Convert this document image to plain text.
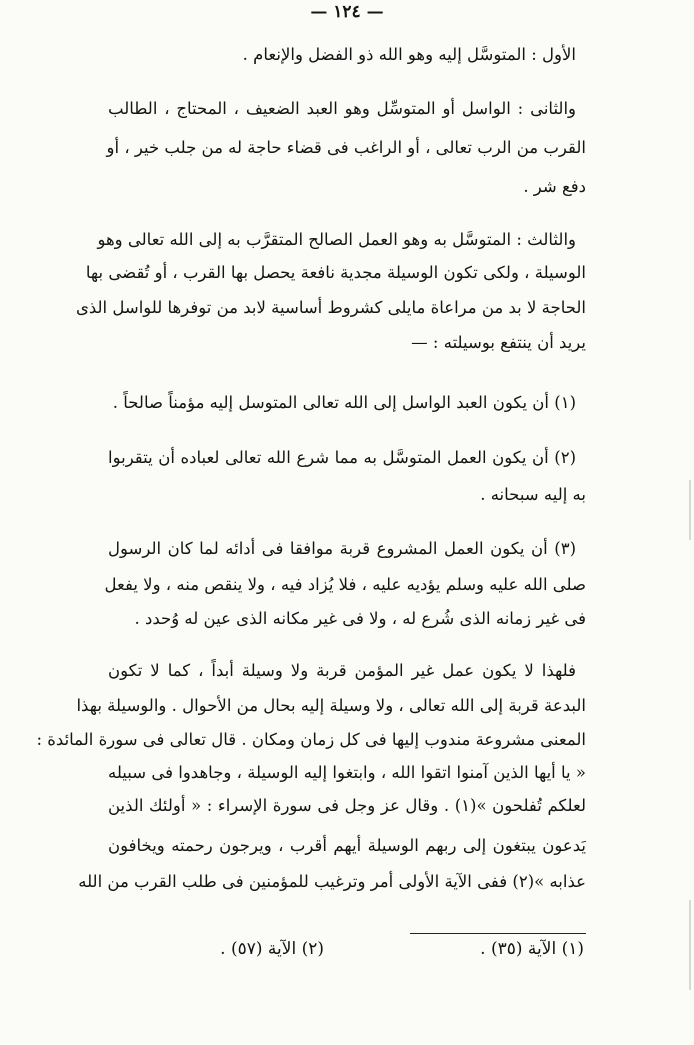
— ١٢٤ —
الأول : المتوسَّل إليه وهو الله ذو الفضل والإنعام .
والثانى : الواسل أو المتوسِّل وهو العبد الضعيف ، المحتاج ، الطالب
القرب من الرب تعالى ، أو الراغب فى قضاء حاجة له من جلب خير ، أو
دفع شر .
والثالث : المتوسَّل به وهو العمل الصالح المتقرَّب به إلى الله تعالى وهو
الوسيلة ، ولكى تكون الوسيلة مجدية نافعة يحصل بها القرب ، أو تُقضى بها
الحاجة لا بد من مراعاة مايلى كشروط أساسية لابد من توفرها للواسل الذى
يريد أن ينتفع بوسيلته : —
(١) أن يكون العبد الواسل إلى الله تعالى المتوسل إليه مؤمناً صالحاً .
(٢) أن يكون العمل المتوسَّل به مما شرع الله تعالى لعباده أن يتقربوا
به إليه سبحانه .
(٣) أن يكون العمل المشروع قربة موافقا فى أدائه لما كان الرسول
صلى الله عليه وسلم يؤديه عليه ، فلا يُزاد فيه ، ولا ينقص منه ، ولا يفعل
فى غير زمانه الذى شُرع له ، ولا فى غير مكانه الذى عين له وُحدد .
فلهذا لا يكون عمل غير المؤمن قربة ولا وسيلة أبداً ، كما لا تكون
البدعة قربة إلى الله تعالى ، ولا وسيلة إليه بحال من الأحوال . والوسيلة بهذا
المعنى مشروعة مندوب إليها فى كل زمان ومكان . قال تعالى فى سورة المائدة :
« يا أيها الذين آمنوا اتقوا الله ، وابتغوا إليه الوسيلة ، وجاهدوا فى سبيله
لعلكم تُفلحون »(١) . وقال عز وجل فى سورة الإسراء : « أولئك الذين
يَدعون يبتغون إلى ربهم الوسيلة أيهم أقرب ، ويرجون رحمته ويخافون
عذابه »(٢) ففى الآية الأولى أمر وترغيب للمؤمنين فى طلب القرب من الله
(١) الآية (٣٥) .
(٢) الآية (٥٧) .
